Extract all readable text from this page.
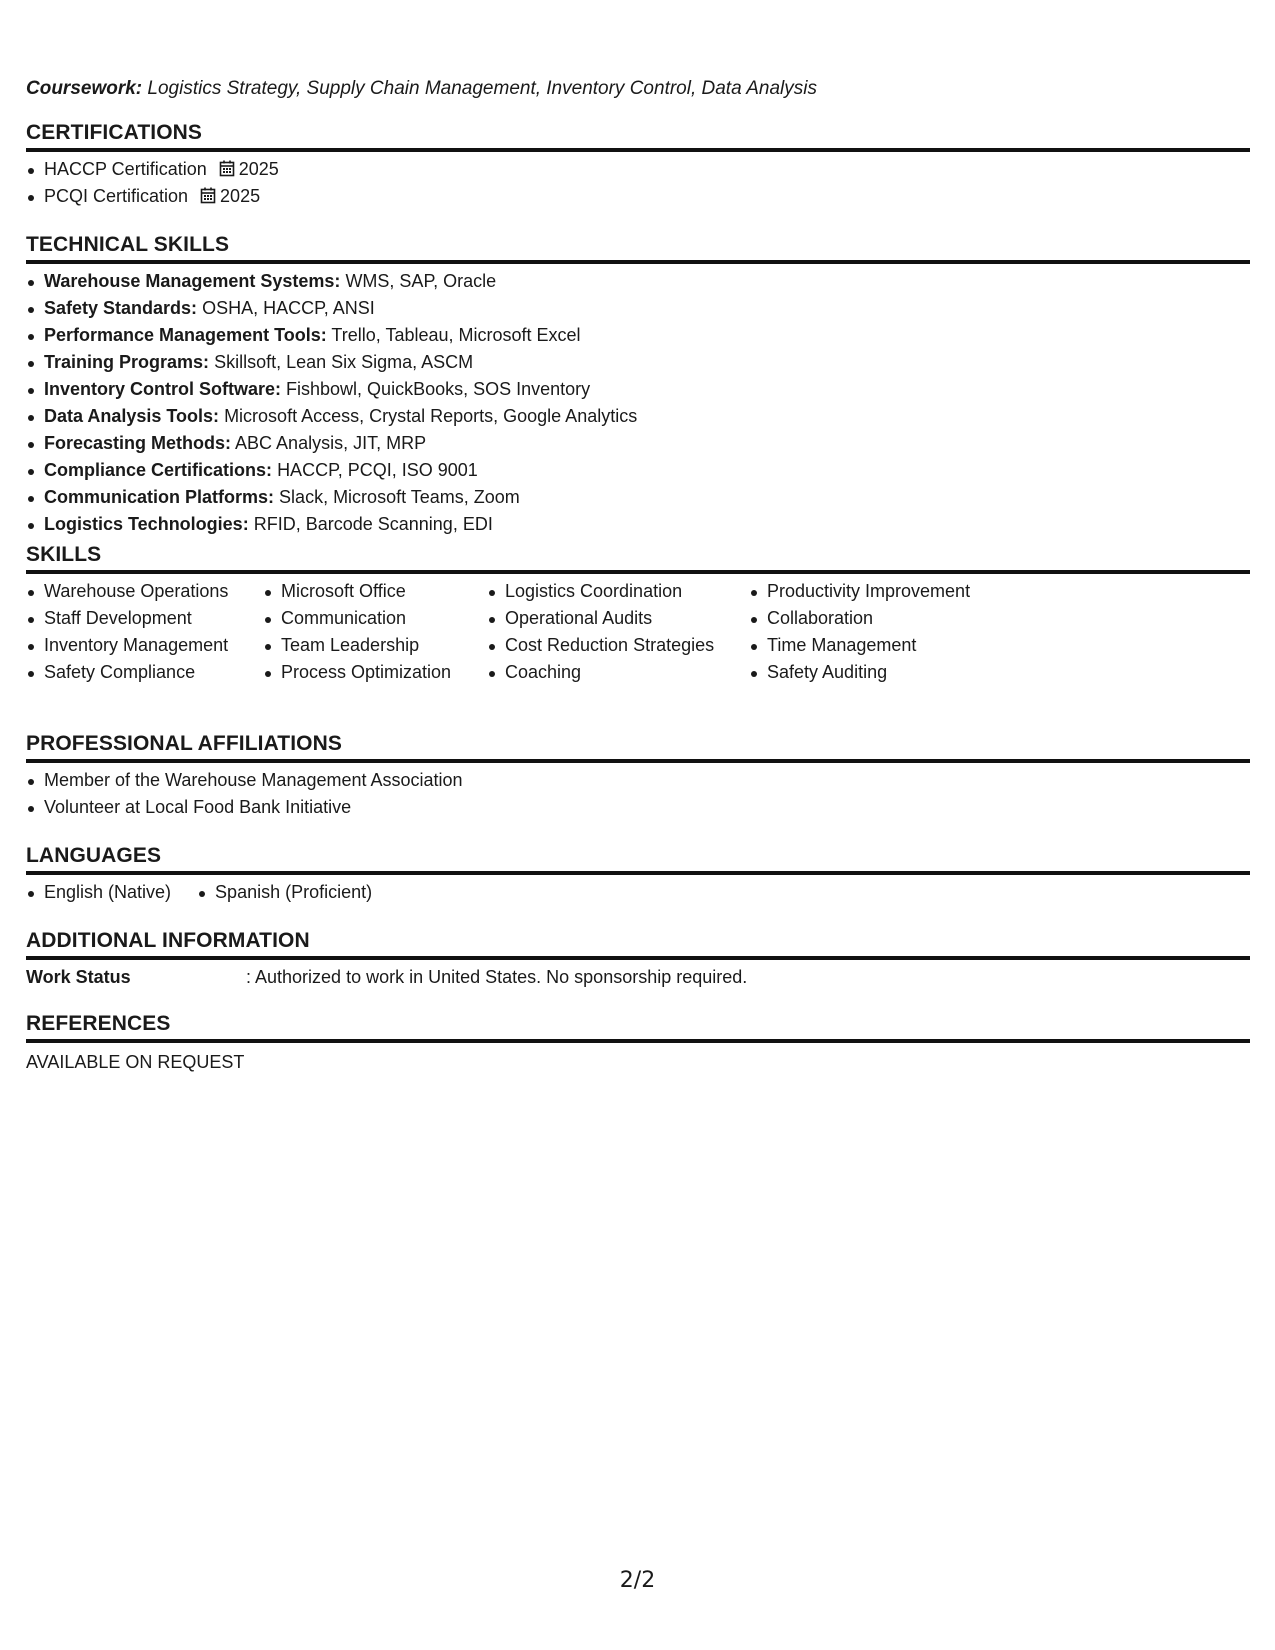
Coursework: Logistics Strategy, Supply Chain Management, Inventory Control, Data Analysis
CERTIFICATIONS
HACCP Certification 2025
PCQI Certification 2025
TECHNICAL SKILLS
Warehouse Management Systems: WMS, SAP, Oracle
Safety Standards: OSHA, HACCP, ANSI
Performance Management Tools: Trello, Tableau, Microsoft Excel
Training Programs: Skillsoft, Lean Six Sigma, ASCM
Inventory Control Software: Fishbowl, QuickBooks, SOS Inventory
Data Analysis Tools: Microsoft Access, Crystal Reports, Google Analytics
Forecasting Methods: ABC Analysis, JIT, MRP
Compliance Certifications: HACCP, PCQI, ISO 9001
Communication Platforms: Slack, Microsoft Teams, Zoom
Logistics Technologies: RFID, Barcode Scanning, EDI
SKILLS
Warehouse Operations
Staff Development
Inventory Management
Safety Compliance
Microsoft Office
Communication
Team Leadership
Process Optimization
Logistics Coordination
Operational Audits
Cost Reduction Strategies
Coaching
Productivity Improvement
Collaboration
Time Management
Safety Auditing
PROFESSIONAL AFFILIATIONS
Member of the Warehouse Management Association
Volunteer at Local Food Bank Initiative
LANGUAGES
English (Native)	Spanish (Proficient)
ADDITIONAL INFORMATION
Work Status	: Authorized to work in United States. No sponsorship required.
REFERENCES
AVAILABLE ON REQUEST
2/2
